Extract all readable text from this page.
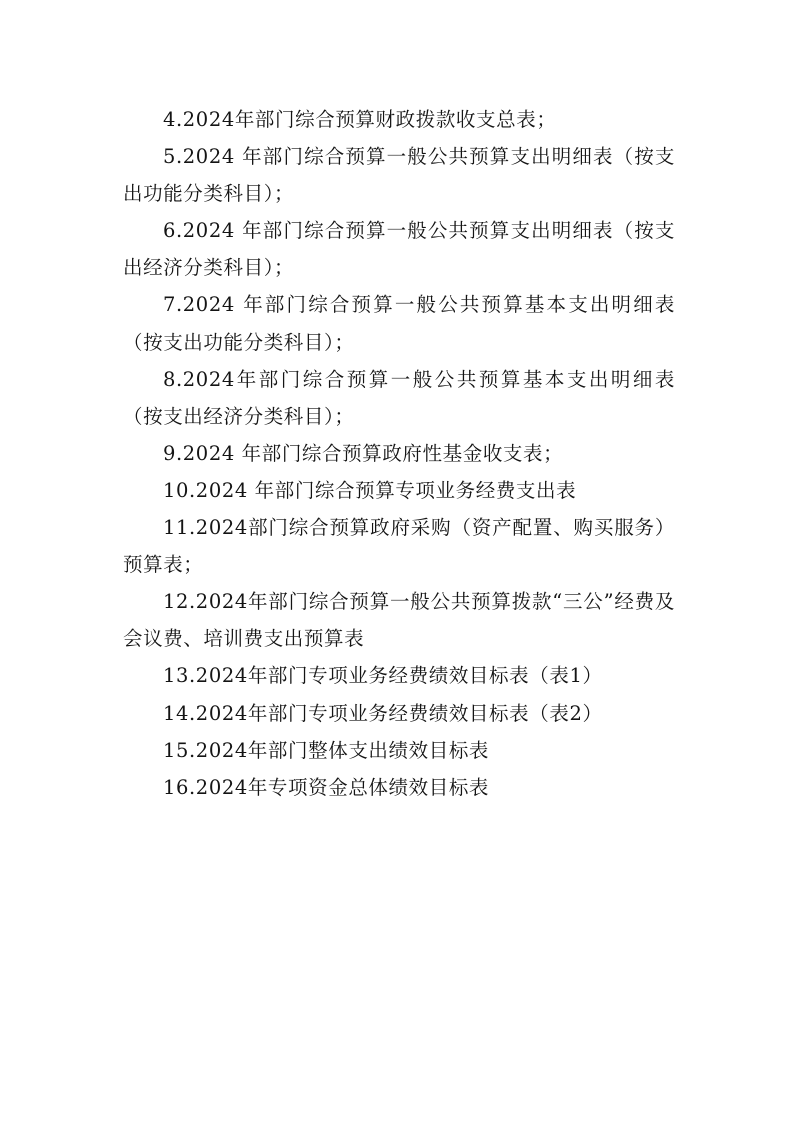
4.2024年部门综合预算财政拨款收支总表；

5.2024 年部门综合预算一般公共预算支出明细表（按支出功能分类科目）；

6.2024 年部门综合预算一般公共预算支出明细表（按支出经济分类科目）；

7.2024 年部门综合预算一般公共预算基本支出明细表（按支出功能分类科目）；

8.2024年部门综合预算一般公共预算基本支出明细表（按支出经济分类科目）；

9.2024 年部门综合预算政府性基金收支表；

10.2024 年部门综合预算专项业务经费支出表

11.2024部门综合预算政府采购（资产配置、购买服务）预算表；

12.2024年部门综合预算一般公共预算拨款“三公”经费及会议费、培训费支出预算表

13.2024年部门专项业务经费绩效目标表（表1）

14.2024年部门专项业务经费绩效目标表（表2）

15.2024年部门整体支出绩效目标表

16.2024年专项资金总体绩效目标表
